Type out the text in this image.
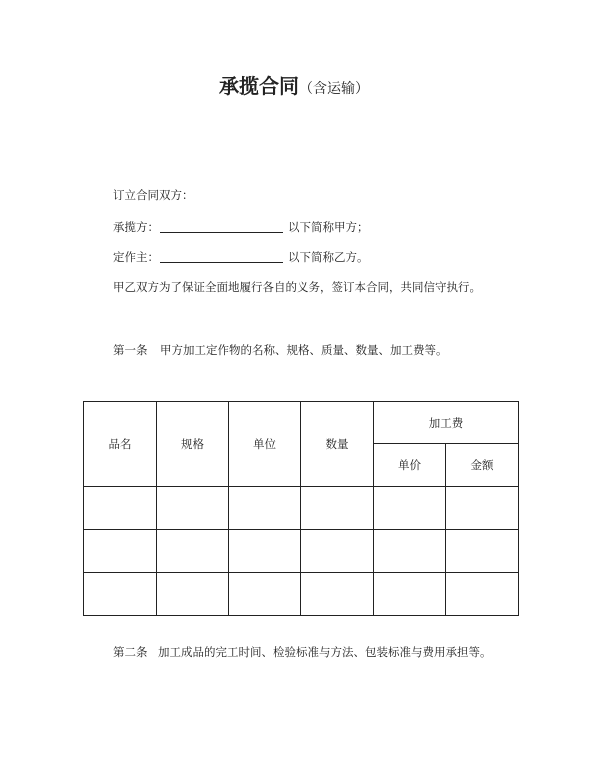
承揽合同（含运输）
订立合同双方：
承揽方：	以下简称甲方；
定作主：	以下简称乙方。
甲乙双方为了保证全面地履行各自的义务，签订本合同，共同信守执行。
第一条 甲方加工定作物的名称、规格、质量、数量、加工费等。
品名	规格	单位	数量	加工费	
				单价	金额

第二条 加工成品的完工时间、检验标准与方法、包装标准与费用承担等。
